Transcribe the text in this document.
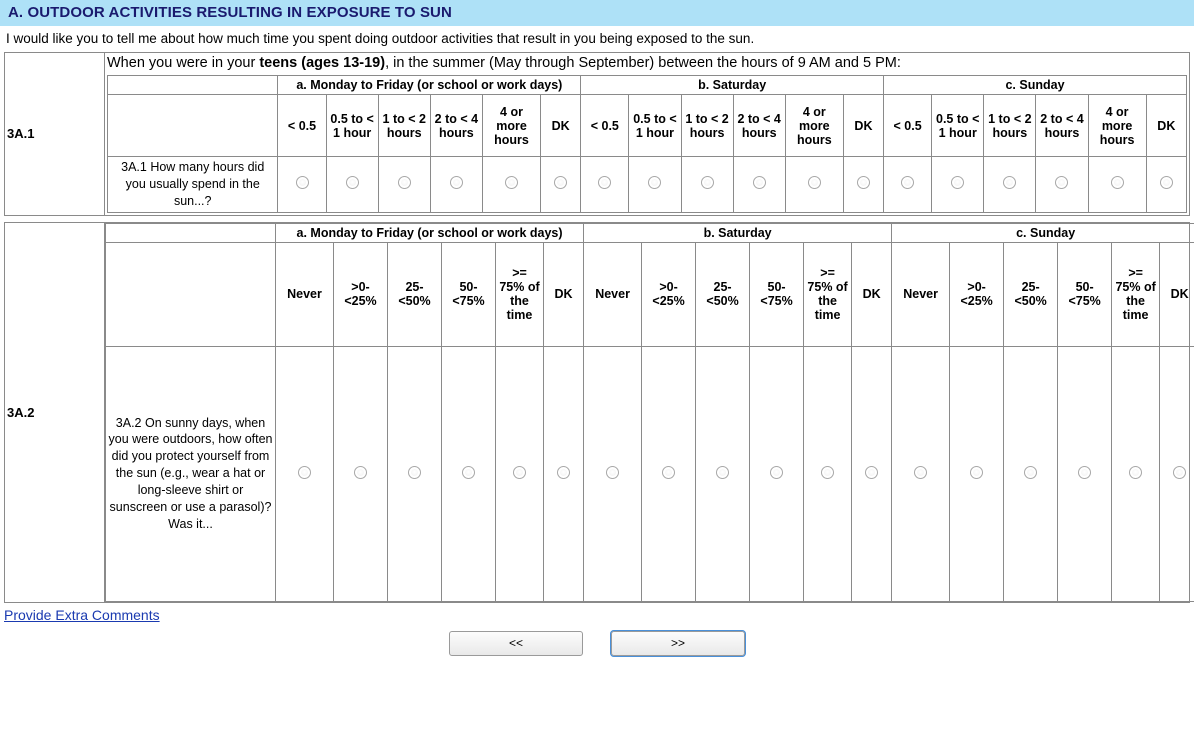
A. OUTDOOR ACTIVITIES RESULTING IN EXPOSURE TO SUN
I would like you to tell me about how much time you spent doing outdoor activities that result in you being exposed to the sun.
3A.1	When you were in your teens (ages 13-19), in the summer (May through September) between the hours of 9 AM and 5 PM:
	a. Monday to Friday (or school or work days)	b. Saturday	c. Sunday
	< 0.5	0.5 to < 1 hour	1 to < 2 hours	2 to < 4 hours	4 or more hours	DK	< 0.5	0.5 to < 1 hour	1 to < 2 hours	2 to < 4 hours	4 or more hours	DK	< 0.5	0.5 to < 1 hour	1 to < 2 hours	2 to < 4 hours	4 or more hours	DK
3A.1 How many hours did you usually spend in the sun...?																		
3A.2	
	a. Monday to Friday (or school or work days)	b. Saturday	c. Sunday
	Never	>0-<25%	25-<50%	50-<75%	>= 75% of the time	DK	Never	>0-<25%	25-<50%	50-<75%	>= 75% of the time	DK	Never	>0-<25%	25-<50%	50-<75%	>= 75% of the time	DK
3A.2 On sunny days, when you were outdoors, how often did you protect yourself from the sun (e.g., wear a hat or long-sleeve shirt or sunscreen or use a parasol)? Was it...																		
Provide Extra Comments
<<	>>
